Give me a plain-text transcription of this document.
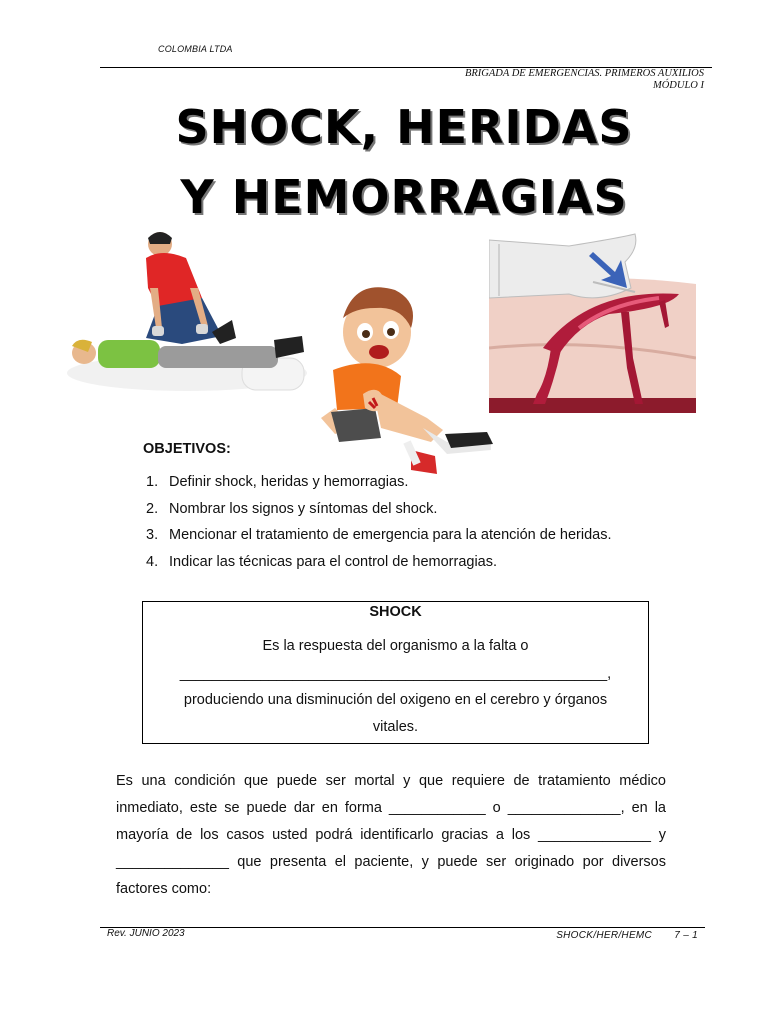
COLOMBIA LTDA
BRIGADA DE EMERGENCIAS. PRIMEROS AUXILIOS
MÓDULO I
SHOCK, HERIDAS
Y HEMORRAGIAS
OBJETIVOS:
1. Definir shock, heridas y hemorragias.
2. Nombrar los signos y síntomas del shock.
3. Mencionar el tratamiento de emergencia para la atención de heridas.
4. Indicar las técnicas para el control de hemorragias.
SHOCK
Es la respuesta del organismo a la falta o
_____________________________________________________,
produciendo una disminución del oxigeno en el cerebro y órganos
vitales.
Es una condición que puede ser mortal y que requiere de tratamiento médico
inmediato, este se puede dar en forma ____________ o ______________, en la
mayoría de los casos usted podrá identificarlo gracias a los ______________ y
______________ que presenta el paciente, y puede ser originado por diversos
factores como:
Rev. JUNIO 2023	SHOCK/HER/HEMC 7 – 1
